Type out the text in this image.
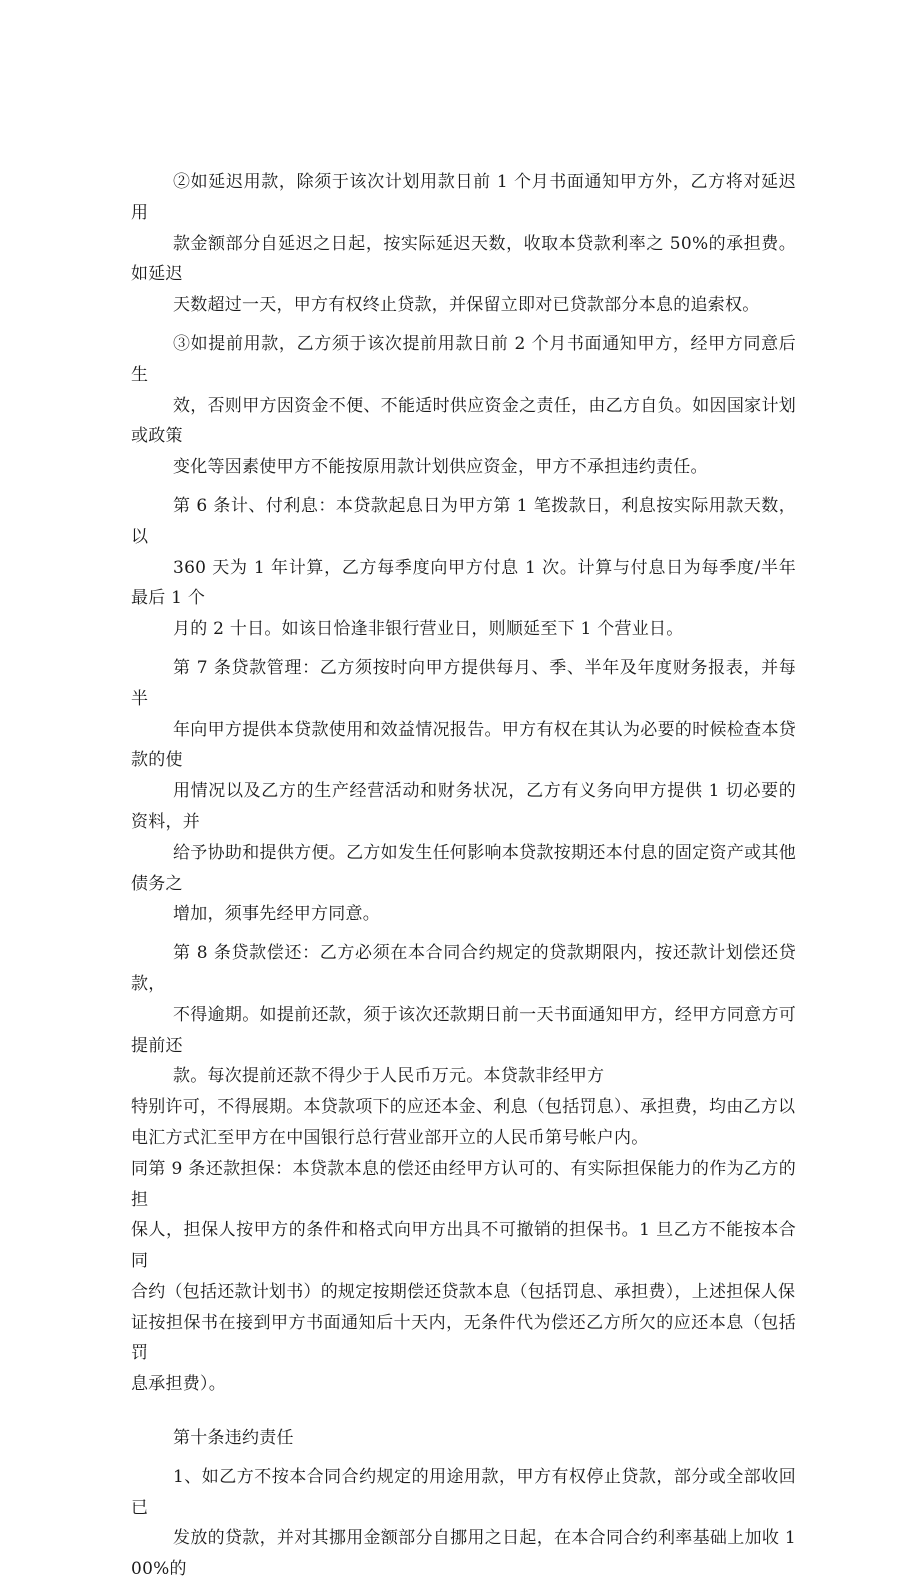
②如延迟用款，除须于该次计划用款日前 1 个月书面通知甲方外，乙方将对延迟用
款金额部分自延迟之日起，按实际延迟天数，收取本贷款利率之 50%的承担费。如延迟
天数超过一天，甲方有权终止贷款，并保留立即对已贷款部分本息的追索权。

③如提前用款，乙方须于该次提前用款日前 2 个月书面通知甲方，经甲方同意后生
效，否则甲方因资金不便、不能适时供应资金之责任，由乙方自负。如因国家计划或政策
变化等因素使甲方不能按原用款计划供应资金，甲方不承担违约责任。

第 6 条计、付利息：本贷款起息日为甲方第 1 笔拨款日，利息按实际用款天数，以
360 天为 1 年计算，乙方每季度向甲方付息 1 次。计算与付息日为每季度/半年最后 1 个
月的 2 十日。如该日恰逢非银行营业日，则顺延至下 1 个营业日。

第 7 条贷款管理：乙方须按时向甲方提供每月、季、半年及年度财务报表，并每半
年向甲方提供本贷款使用和效益情况报告。甲方有权在其认为必要的时候检查本贷款的使
用情况以及乙方的生产经营活动和财务状况，乙方有义务向甲方提供 1 切必要的资料，并
给予协助和提供方便。乙方如发生任何影响本贷款按期还本付息的固定资产或其他债务之
增加，须事先经甲方同意。

第 8 条贷款偿还：乙方必须在本合同合约规定的贷款期限内，按还款计划偿还贷款，
不得逾期。如提前还款，须于该次还款期日前一天书面通知甲方，经甲方同意方可提前还
款。每次提前还款不得少于人民币万元。本贷款非经甲方

特别许可，不得展期。本贷款项下的应还本金、利息（包括罚息）、承担费，均由乙方以
电汇方式汇至甲方在中国银行总行营业部开立的人民币第号帐户内。

同第 9 条还款担保：本贷款本息的偿还由经甲方认可的、有实际担保能力的作为乙方的担
保人，担保人按甲方的条件和格式向甲方出具不可撤销的担保书。1 旦乙方不能按本合同
合约（包括还款计划书）的规定按期偿还贷款本息（包括罚息、承担费），上述担保人保
证按担保书在接到甲方书面通知后十天内，无条件代为偿还乙方所欠的应还本息（包括罚
息承担费）。

第十条违约责任

1、如乙方不按本合同合约规定的用途用款，甲方有权停止贷款，部分或全部收回已
发放的贷款，并对其挪用金额部分自挪用之日起，在本合同合约利率基础上加收 100%的
